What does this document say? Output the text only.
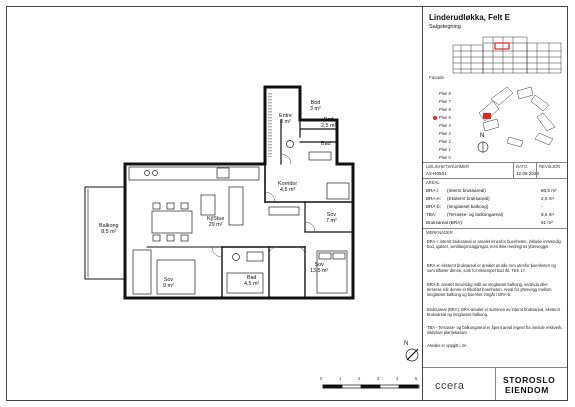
Entre
8 m²
Bod
3 m²
Bad
Bod
2,5 m²
Korridor
4,5 m²
Balkong
8,5 m²
Kj/Stue
29 m²
Sov
7 m²
Sov
13,5 m²
Sov
9 m²
Bad
4,5 m²
0	1	2	3	4	5
Linderudløkka, Felt E
Salgstegning
Fasade
Plan 8
Plan 7
Plan 6
Plan 5
Plan 4
Plan 3
Plan 2
Plan 1
Plan 0
N
LEILIGHETSNUMMER	DATO	REVISJON
A2-H0501	12.08.2025
AREAL
BRA-i: (Internt bruksareal)	86,5 m²
BRA-e: (Eksternt bruksareal)	2,5 m²
BRA-b: (Innglasset balkong)	-
TBA: (Terrasse- og balkongareal)	8,5 m²
Bruksareal (BRA):	91 m²
MERKNADER
BRA-i: internt bruksareal er arealet innenfor boenheten, inklusiv innvendig bod, sjakter, ventilasjonsaggregat, men ikke medregnet yttervegger.
BRA-e: eksternt bruksareal er arealet av alle rom utenfor boenheten og som tilhører denne, som for eksempel bod iht. TEK 17.
BRA-b: arealet innvendig målt av innglasset balkong, veranda eller terrasse når denne er tilkoblet boenheten. Areal for yttervegg mellom innglasset balkong og boenhet inngår i BRA-b.
Bruksareal (BRA): BRA-arealet er summen av internt bruksareal, eksternt bruksareal og innglasset balkong.
TBA - Terrasse- og balkongareal er åpent areal regnet fra innside rekkverk, inklusive plantekasser.
Arealer er oppgitt i m².
ccera	STOROSLO
EIENDOM
N
